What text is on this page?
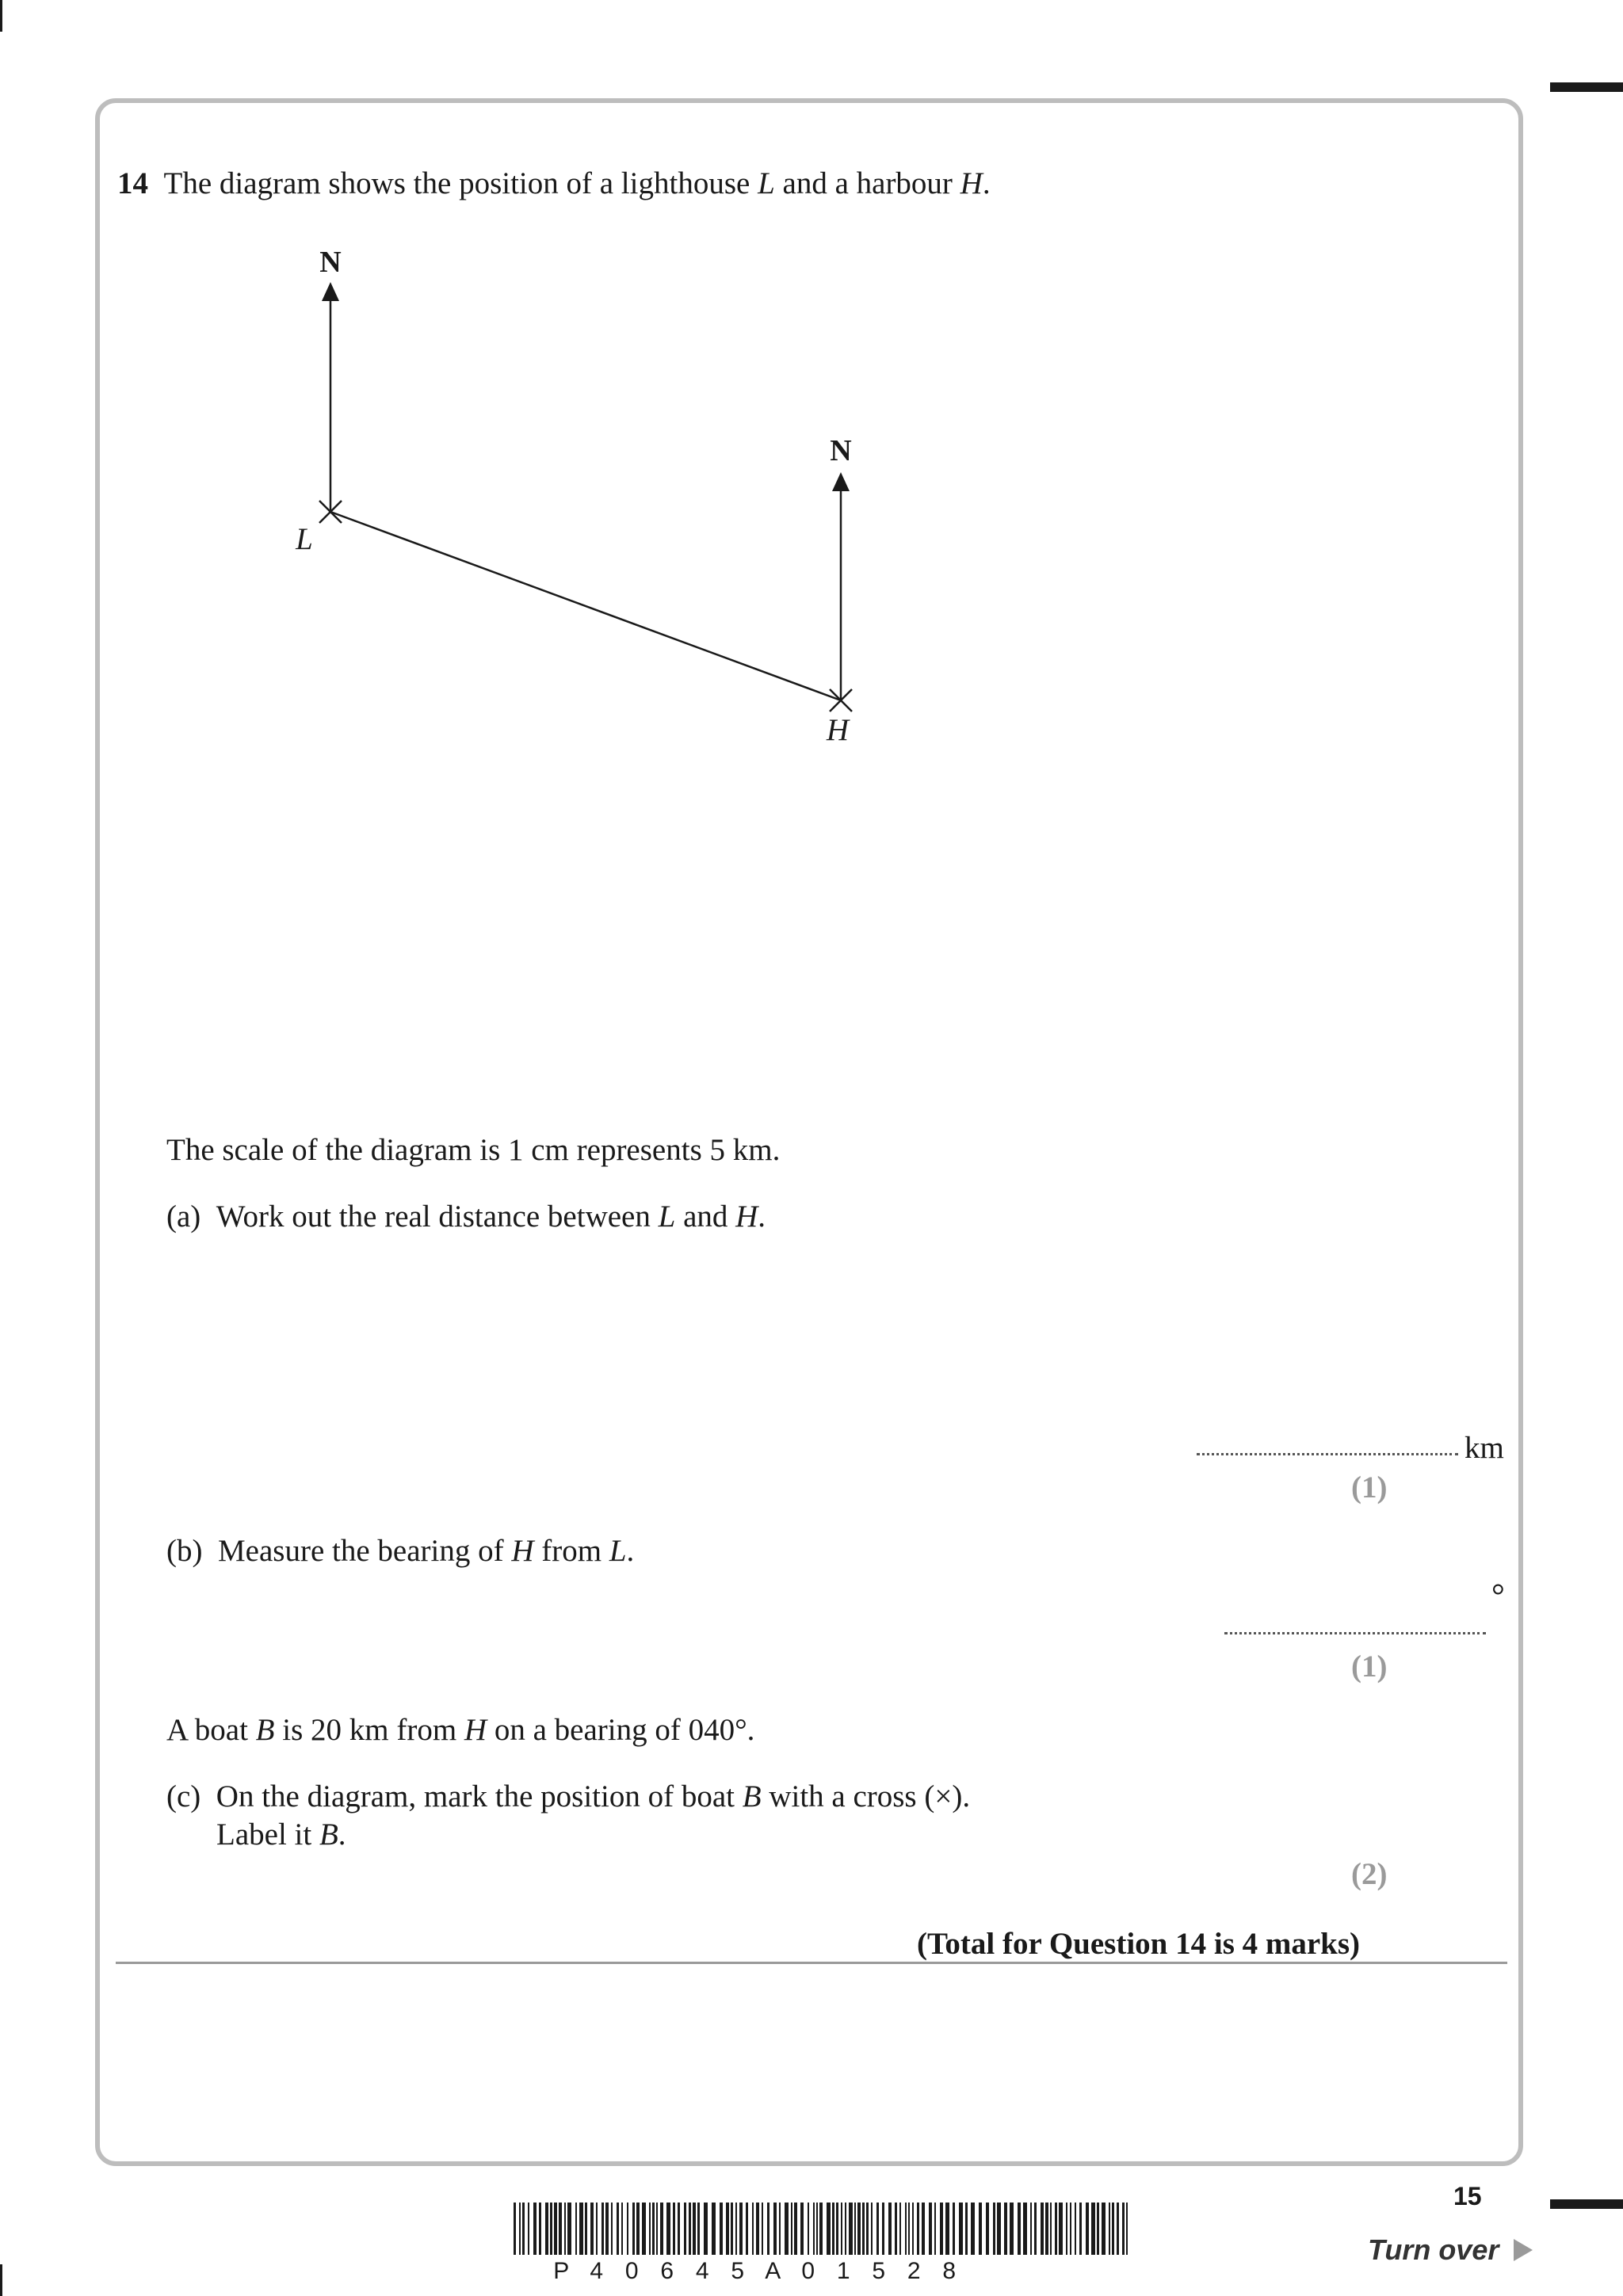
14 The diagram shows the position of a lighthouse L and a harbour H.
N
N
L
H
The scale of the diagram is 1 cm represents 5 km.
(a) Work out the real distance between L and H.
km
(1)
(b) Measure the bearing of H from L.
°
(1)
A boat B is 20 km from H on a bearing of 040°.
(c) On the diagram, mark the position of boat B with a cross (×).
Label it B.
(2)
(Total for Question 14 is 4 marks)
15
P 4 0 6 4 5 A 0 1 5 2 8
Turn over
